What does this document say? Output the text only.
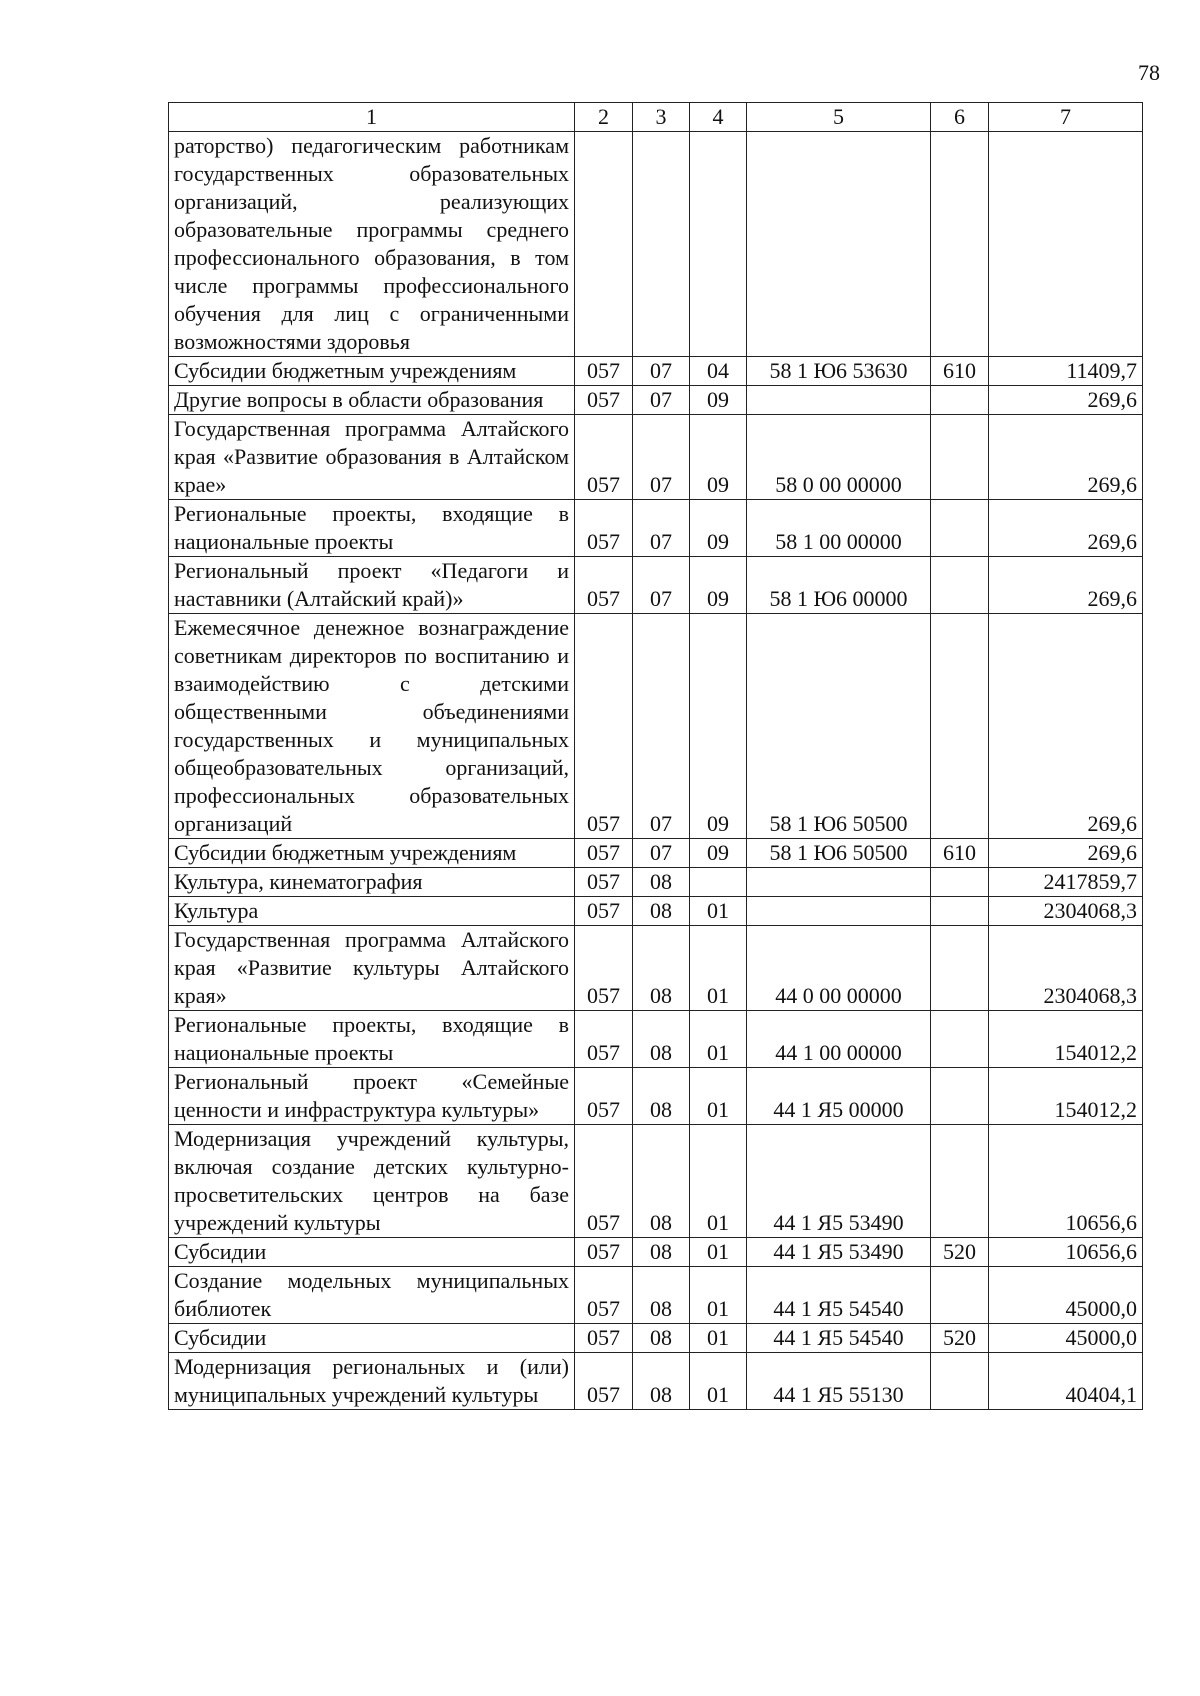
78
1	2	3	4	5	6	7
раторство) педагогическим работникам государственных образовательных организаций, реализующих образовательные программы среднего профессионального образования, в том числе программы профессионального обучения для лиц с ограниченными возможностями здоровья						
Субсидии бюджетным учреждениям	057	07	04	58 1 Ю6 53630	610	11409,7
Другие вопросы в области образования	057	07	09			269,6
Государственная программа Алтайского края «Развитие образования в Алтайском крае»	057	07	09	58 0 00 00000		269,6
Региональные проекты, входящие в национальные проекты	057	07	09	58 1 00 00000		269,6
Региональный проект «Педагоги и наставники (Алтайский край)»	057	07	09	58 1 Ю6 00000		269,6
Ежемесячное денежное вознаграждение советникам директоров по воспитанию и взаимодействию с детскими общественными объединениями государственных и муниципальных общеобразовательных организаций, профессиональных образовательных организаций	057	07	09	58 1 Ю6 50500		269,6
Субсидии бюджетным учреждениям	057	07	09	58 1 Ю6 50500	610	269,6
Культура, кинематография	057	08				2417859,7
Культура	057	08	01			2304068,3
Государственная программа Алтайского края «Развитие культуры Алтайского края»	057	08	01	44 0 00 00000		2304068,3
Региональные проекты, входящие в национальные проекты	057	08	01	44 1 00 00000		154012,2
Региональный проект «Семейные ценности и инфраструктура культуры»	057	08	01	44 1 Я5 00000		154012,2
Модернизация учреждений культуры, включая создание детских культурно-просветительских центров на базе учреждений культуры	057	08	01	44 1 Я5 53490		10656,6
Субсидии	057	08	01	44 1 Я5 53490	520	10656,6
Создание модельных муниципальных библиотек	057	08	01	44 1 Я5 54540		45000,0
Субсидии	057	08	01	44 1 Я5 54540	520	45000,0
Модернизация региональных и (или) муниципальных учреждений культуры	057	08	01	44 1 Я5 55130		40404,1
